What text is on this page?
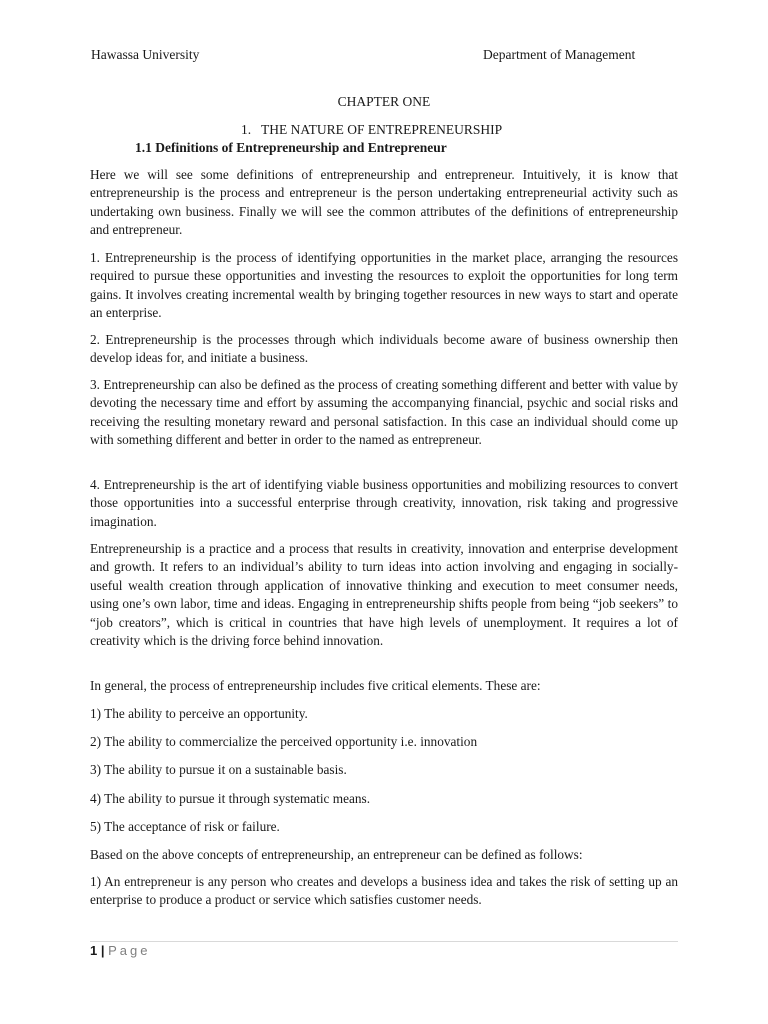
Hawassa University	Department of Management
CHAPTER ONE
1.   THE NATURE OF ENTREPRENEURSHIP
1.1 Definitions of Entrepreneurship and Entrepreneur

Here we will see some definitions of entrepreneurship and entrepreneur. Intuitively, it is know that entrepreneurship is the process and entrepreneur is the person undertaking entrepreneurial activity such as undertaking own business. Finally we will see the common attributes of the definitions of entrepreneurship and entrepreneur.

1. Entrepreneurship is the process of identifying opportunities in the market place, arranging the resources required to pursue these opportunities and investing the resources to exploit the opportunities for long term gains. It involves creating incremental wealth by bringing together resources in new ways to start and operate an enterprise.

2. Entrepreneurship is the processes through which individuals become aware of business ownership then develop ideas for, and initiate a business.

3. Entrepreneurship can also be defined as the process of creating something different and better with value by devoting the necessary time and effort by assuming the accompanying financial, psychic and social risks and receiving the resulting monetary reward and personal satisfaction. In this case an individual should come up with something different and better in order to the named as entrepreneur.

4. Entrepreneurship is the art of identifying viable business opportunities and mobilizing resources to convert those opportunities into a successful enterprise through creativity, innovation, risk taking and progressive imagination.

Entrepreneurship is a practice and a process that results in creativity, innovation and enterprise development and growth. It refers to an individual’s ability to turn ideas into action involving and engaging in socially-useful wealth creation through application of innovative thinking and execution to meet consumer needs, using one’s own labor, time and ideas. Engaging in entrepreneurship shifts people from being “job seekers” to “job creators”, which is critical in countries that have high levels of unemployment. It requires a lot of creativity which is the driving force behind innovation.

In general, the process of entrepreneurship includes five critical elements. These are:

1) The ability to perceive an opportunity.

2) The ability to commercialize the perceived opportunity i.e. innovation

3) The ability to pursue it on a sustainable basis.

4) The ability to pursue it through systematic means.

5) The acceptance of risk or failure.

Based on the above concepts of entrepreneurship, an entrepreneur can be defined as follows:

1) An entrepreneur is any person who creates and develops a business idea and takes the risk of setting up an enterprise to produce a product or service which satisfies customer needs.

1 | Page
